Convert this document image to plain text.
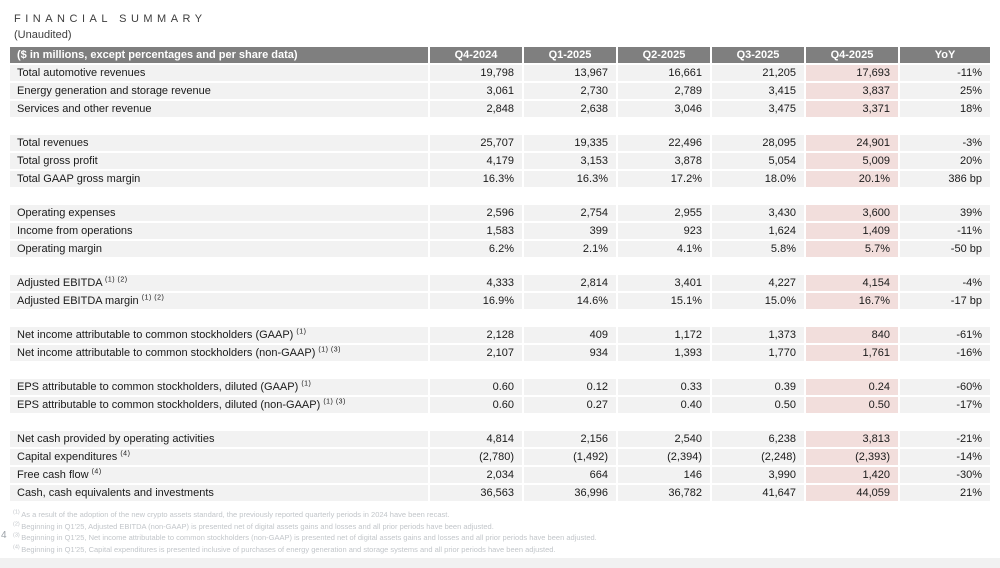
FINANCIAL SUMMARY
(Unaudited)
($ in millions, except percentages and per share data)	Q4-2024	Q1-2025	Q2-2025	Q3-2025	Q4-2025	YoY
Total automotive revenues	19,798	13,967	16,661	21,205	17,693	-11%
Energy generation and storage revenue	3,061	2,730	2,789	3,415	3,837	25%
Services and other revenue	2,848	2,638	3,046	3,475	3,371	18%
Total revenues	25,707	19,335	22,496	28,095	24,901	-3%
Total gross profit	4,179	3,153	3,878	5,054	5,009	20%
Total GAAP gross margin	16.3%	16.3%	17.2%	18.0%	20.1%	386 bp
Operating expenses	2,596	2,754	2,955	3,430	3,600	39%
Income from operations	1,583	399	923	1,624	1,409	-11%
Operating margin	6.2%	2.1%	4.1%	5.8%	5.7%	-50 bp
Adjusted EBITDA $^{(1) (2)}$	4,333	2,814	3,401	4,227	4,154	-4%
Adjusted EBITDA margin $^{(1) (2)}$	16.9%	14.6%	15.1%	15.0%	16.7%	-17 bp
Net income attributable to common stockholders (GAAP) $^{(1)}$	2,128	409	1,172	1,373	840	-61%
Net income attributable to common stockholders (non-GAAP) $^{(1) (3)}$	2,107	934	1,393	1,770	1,761	-16%
EPS attributable to common stockholders, diluted (GAAP) $^{(1)}$	0.60	0.12	0.33	0.39	0.24	-60%
EPS attributable to common stockholders, diluted (non-GAAP) $^{(1) (3)}$	0.60	0.27	0.40	0.50	0.50	-17%
Net cash provided by operating activities	4,814	2,156	2,540	6,238	3,813	-21%
Capital expenditures $^{(4)}$	(2,780)	(1,492)	(2,394)	(2,248)	(2,393)	-14%
Free cash flow $^{(4)}$	2,034	664	146	3,990	1,420	-30%
Cash, cash equivalents and investments	36,563	36,996	36,782	41,647	44,059	21%
$^{(1)}$ As a result of the adoption of the new crypto assets standard, the previously reported quarterly periods in 2024 have been recast.
$^{(2)}$ Beginning in Q1'25, Adjusted EBITDA (non-GAAP) is presented net of digital assets gains and losses and all prior periods have been adjusted.
$^{(3)}$ Beginning in Q1'25, Net income attributable to common stockholders (non-GAAP) is presented net of digital assets gains and losses and all prior periods have been adjusted.
$^{(4)}$ Beginning in Q1'25, Capital expenditures is presented inclusive of purchases of energy generation and storage systems and all prior periods have been adjusted.
4
